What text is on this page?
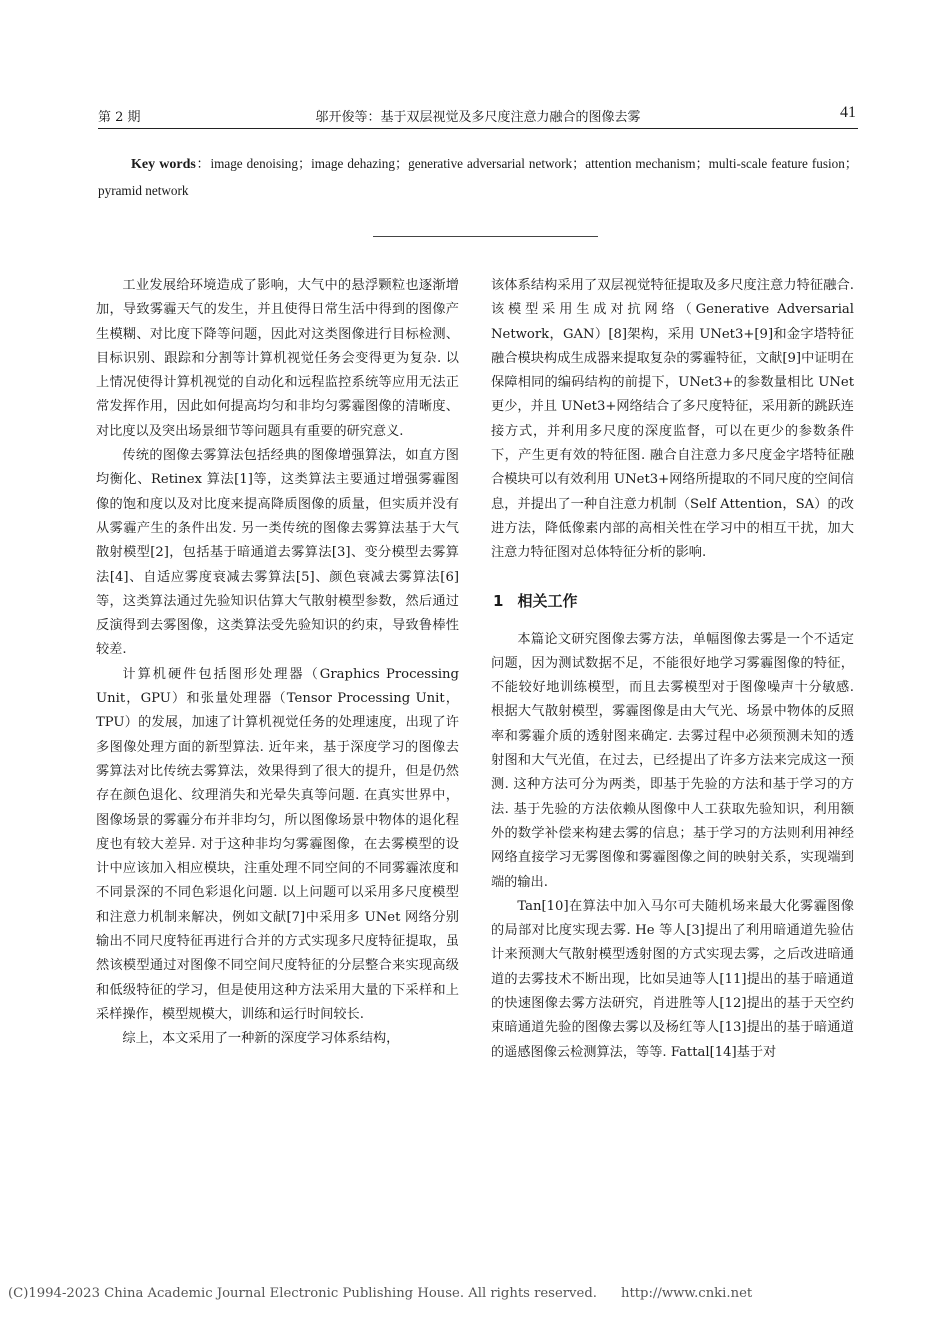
第 2 期	邬开俊等：基于双层视觉及多尺度注意力融合的图像去雾	41
Key words：image denoising；image dehazing；generative adversarial network；attention mechanism；multi-scale feature fusion；pyramid network

工业发展给环境造成了影响，大气中的悬浮颗粒也逐渐增加，导致雾霾天气的发生，并且使得日常生活中得到的图像产生模糊、对比度下降等问题，因此对这类图像进行目标检测、目标识别、跟踪和分割等计算机视觉任务会变得更为复杂. 以上情况使得计算机视觉的自动化和远程监控系统等应用无法正常发挥作用，因此如何提高均匀和非均匀雾霾图像的清晰度、对比度以及突出场景细节等问题具有重要的研究意义.

传统的图像去雾算法包括经典的图像增强算法，如直方图均衡化、Retinex 算法[1]等，这类算法主要通过增强雾霾图像的饱和度以及对比度来提高降质图像的质量，但实质并没有从雾霾产生的条件出发. 另一类传统的图像去雾算法基于大气散射模型[2]，包括基于暗通道去雾算法[3]、变分模型去雾算法[4]、自适应雾度衰减去雾算法[5]、颜色衰减去雾算法[6]等，这类算法通过先验知识估算大气散射模型参数，然后通过反演得到去雾图像，这类算法受先验知识的约束，导致鲁棒性较差.

计算机硬件包括图形处理器（Graphics Processing Unit，GPU）和张量处理器（Tensor Processing Unit，TPU）的发展，加速了计算机视觉任务的处理速度，出现了许多图像处理方面的新型算法. 近年来，基于深度学习的图像去雾算法对比传统去雾算法，效果得到了很大的提升，但是仍然存在颜色退化、纹理消失和光晕失真等问题. 在真实世界中，图像场景的雾霾分布并非均匀，所以图像场景中物体的退化程度也有较大差异. 对于这种非均匀雾霾图像，在去雾模型的设计中应该加入相应模块，注重处理不同空间的不同雾霾浓度和不同景深的不同色彩退化问题. 以上问题可以采用多尺度模型和注意力机制来解决，例如文献[7]中采用多 UNet 网络分别输出不同尺度特征再进行合并的方式实现多尺度特征提取，虽然该模型通过对图像不同空间尺度特征的分层整合来实现高级和低级特征的学习，但是使用这种方法采用大量的下采样和上采样操作，模型规模大，训练和运行时间较长.

综上，本文采用了一种新的深度学习体系结构，

该体系结构采用了双层视觉特征提取及多尺度注意力特征融合. 该模型采用生成对抗网络（Generative Adversarial Network，GAN）[8]架构，采用 UNet3+[9]和金字塔特征融合模块构成生成器来提取复杂的雾霾特征，文献[9]中证明在保障相同的编码结构的前提下，UNet3+的参数量相比 UNet 更少，并且 UNet3+网络结合了多尺度特征，采用新的跳跃连接方式，并利用多尺度的深度监督，可以在更少的参数条件下，产生更有效的特征图. 融合自注意力多尺度金字塔特征融合模块可以有效利用 UNet3+网络所提取的不同尺度的空间信息，并提出了一种自注意力机制（Self Attention，SA）的改进方法，降低像素内部的高相关性在学习中的相互干扰，加大注意力特征图对总体特征分析的影响.

1 相关工作

本篇论文研究图像去雾方法，单幅图像去雾是一个不适定问题，因为测试数据不足，不能很好地学习雾霾图像的特征，不能较好地训练模型，而且去雾模型对于图像噪声十分敏感. 根据大气散射模型，雾霾图像是由大气光、场景中物体的反照率和雾霾介质的透射图来确定. 去雾过程中必须预测未知的透射图和大气光值，在过去，已经提出了许多方法来完成这一预测. 这种方法可分为两类，即基于先验的方法和基于学习的方法. 基于先验的方法依赖从图像中人工获取先验知识，利用额外的数学补偿来构建去雾的信息；基于学习的方法则利用神经网络直接学习无雾图像和雾霾图像之间的映射关系，实现端到端的输出.

Tan[10]在算法中加入马尔可夫随机场来最大化雾霾图像的局部对比度实现去雾. He 等人[3]提出了利用暗通道先验估计来预测大气散射模型透射图的方式实现去雾，之后改进暗通道的去雾技术不断出现，比如吴迪等人[11]提出的基于暗通道的快速图像去雾方法研究，肖进胜等人[12]提出的基于天空约束暗通道先验的图像去雾以及杨红等人[13]提出的基于暗通道的遥感图像云检测算法，等等. Fattal[14]基于对

(C)1994-2023 China Academic Journal Electronic Publishing House. All rights reserved. http://www.cnki.net
